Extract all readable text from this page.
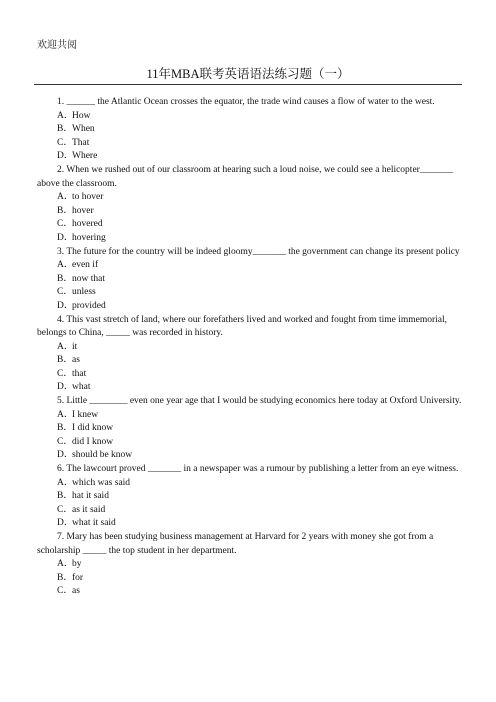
欢迎共阅
11年MBA联考英语语法练习题（一）

1. ______ the Atlantic Ocean crosses the equator, the trade wind causes a flow of water to the west.

A．How

B．When

C．That

D．Where

2. When we rushed out of our classroom at hearing such a loud noise, we could see a helicopter_______ above the classroom.

A．to hover

B．hover

C．hovered

D．hovering

3. The future for the country will be indeed gloomy_______ the government can change its present policy

A．even if

B．now that

C．unless

D．provided

4. This vast stretch of land, where our forefathers lived and worked and fought from time immemorial, belongs to China, _____ was recorded in history.

A．it

B．as

C．that

D．what

5. Little ________ even one year age that I would be studying economics here today at Oxford University.

A．I knew

B．I did know

C．did I know

D．should be know

6. The lawcourt proved _______ in a newspaper was a rumour by publishing a letter from an eye witness.

A．which was said

B．hat it said

C．as it said

D．what it said

7. Mary has been studying business management at Harvard for 2 years with money she got from a scholarship _____ the top student in her department.

A．by

B．for

C．as
